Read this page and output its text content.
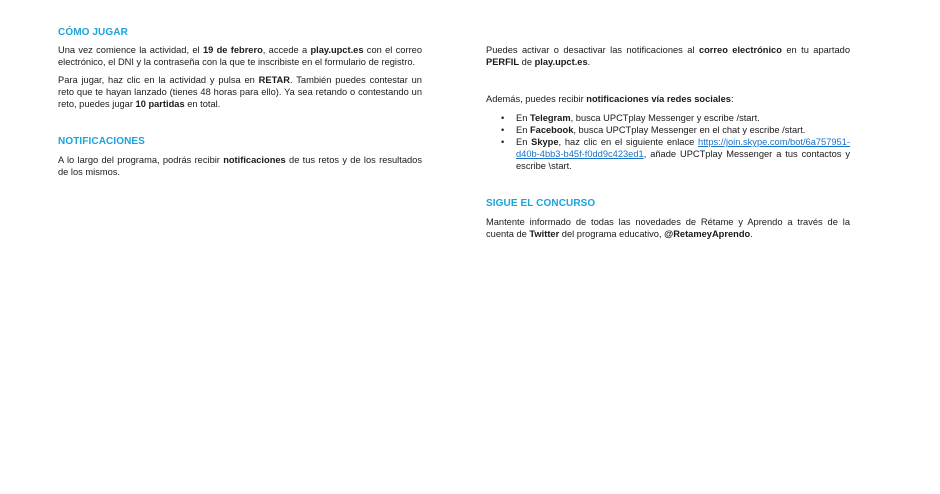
CÓMO JUGAR

Una vez comience la actividad, el 19 de febrero, accede a play.upct.es con el correo electrónico, el DNI y la contraseña con la que te inscribiste en el formulario de registro.

Para jugar, haz clic en la actividad y pulsa en RETAR. También puedes contestar un reto que te hayan lanzado (tienes 48 horas para ello). Ya sea retando o contestando un reto, puedes jugar 10 partidas en total.

NOTIFICACIONES

A lo largo del programa, podrás recibir notificaciones de tus retos y de los resultados de los mismos.

Puedes activar o desactivar las notificaciones al correo electrónico en tu apartado PERFIL de play.upct.es.

Además, puedes recibir notificaciones vía redes sociales:

• En Telegram, busca UPCTplay Messenger y escribe /start.
• En Facebook, busca UPCTplay Messenger en el chat y escribe /start.
• En Skype, haz clic en el siguiente enlace https://join.skype.com/bot/6a757951-d40b-4bb3-b45f-f0dd9c423ed1, añade UPCTplay Messenger a tus contactos y escribe \start.
SIGUE EL CONCURSO

Mantente informado de todas las novedades de Rétame y Aprendo a través de la cuenta de Twitter del programa educativo, @RetameyAprendo.
